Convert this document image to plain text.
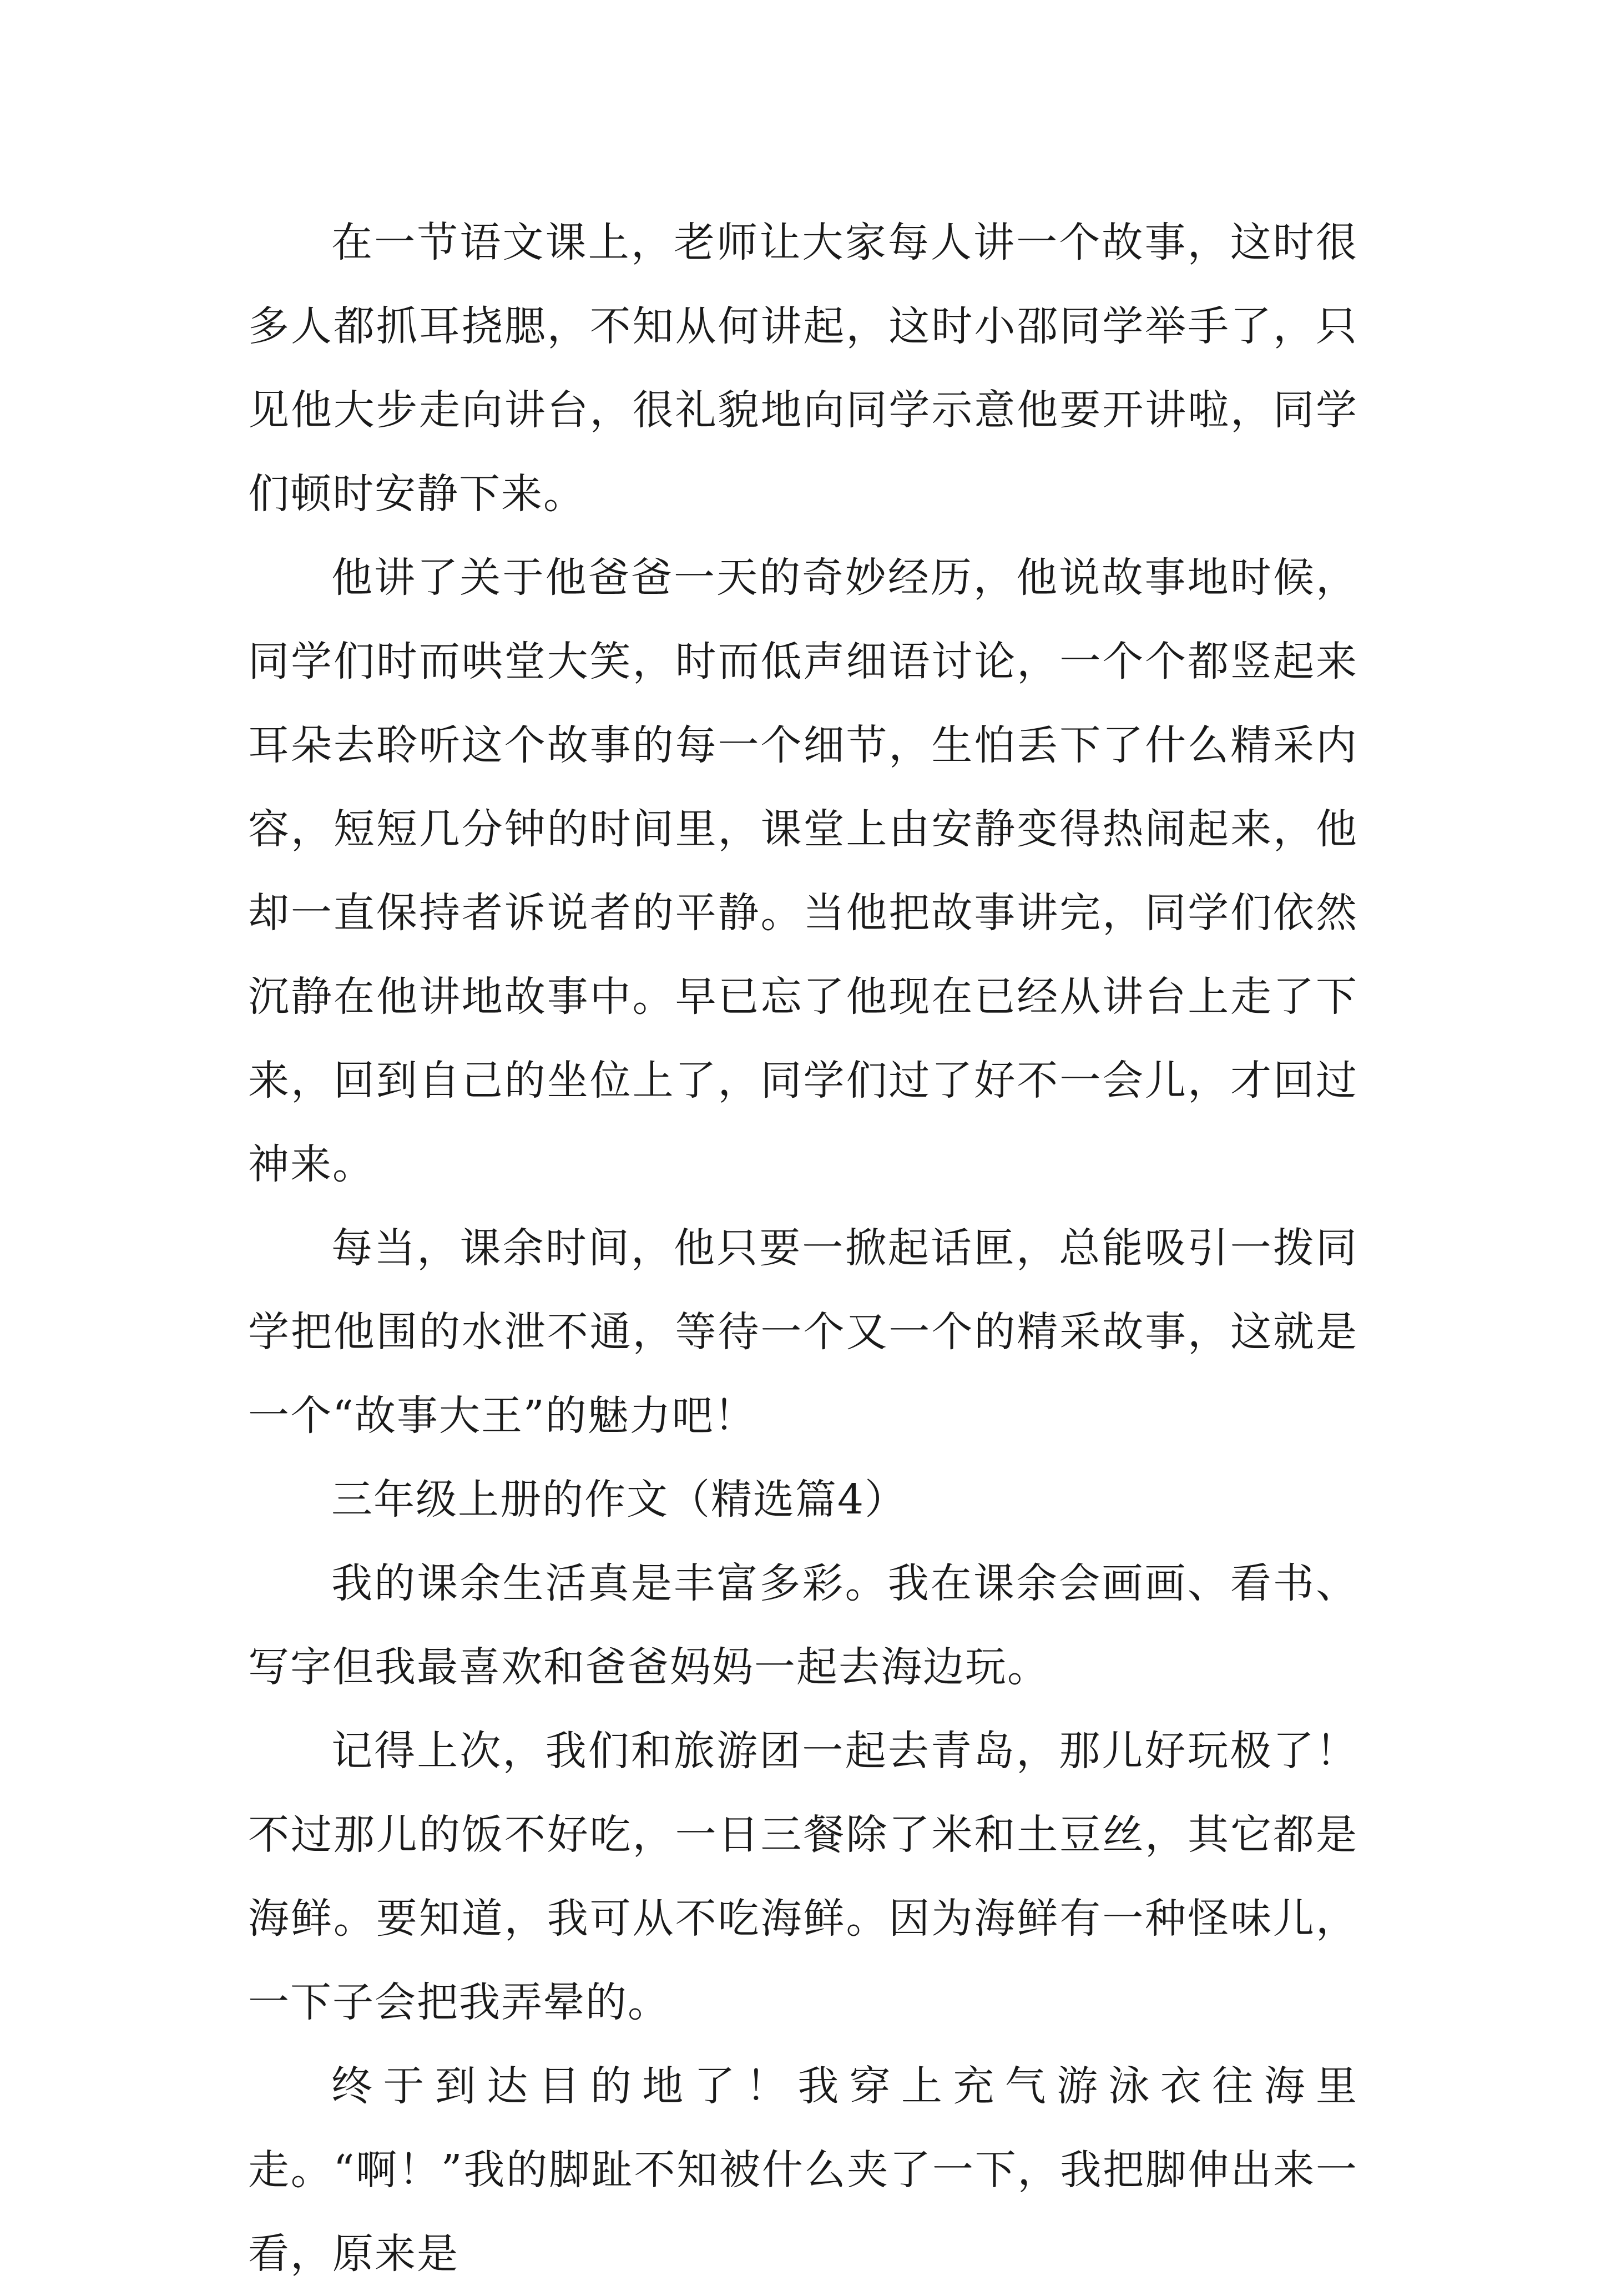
在一节语文课上，老师让大家每人讲一个故事，这时很多人都抓耳挠腮，不知从何讲起，这时小邵同学举手了，只见他大步走向讲台，很礼貌地向同学示意他要开讲啦，同学们顿时安静下来。

他讲了关于他爸爸一天的奇妙经历，他说故事地时候，同学们时而哄堂大笑，时而低声细语讨论，一个个都竖起来耳朵去聆听这个故事的每一个细节，生怕丢下了什么精采内容，短短几分钟的时间里，课堂上由安静变得热闹起来，他却一直保持者诉说者的平静。当他把故事讲完，同学们依然沉静在他讲地故事中。早已忘了他现在已经从讲台上走了下来，回到自己的坐位上了，同学们过了好不一会儿，才回过神来。

每当，课余时间，他只要一掀起话匣，总能吸引一拨同学把他围的水泄不通，等待一个又一个的精采故事，这就是一个“故事大王”的魅力吧！

三年级上册的作文（精选篇4）

我的课余生活真是丰富多彩。我在课余会画画、看书、写字但我最喜欢和爸爸妈妈一起去海边玩。

记得上次，我们和旅游团一起去青岛，那儿好玩极了！不过那儿的饭不好吃，一日三餐除了米和土豆丝，其它都是海鲜。要知道，我可从不吃海鲜。因为海鲜有一种怪味儿，一下子会把我弄晕的。

终于到达目的地了！我穿上充气游泳衣往海里走。“啊！”我的脚趾不知被什么夹了一下，我把脚伸出来一看，原来是
